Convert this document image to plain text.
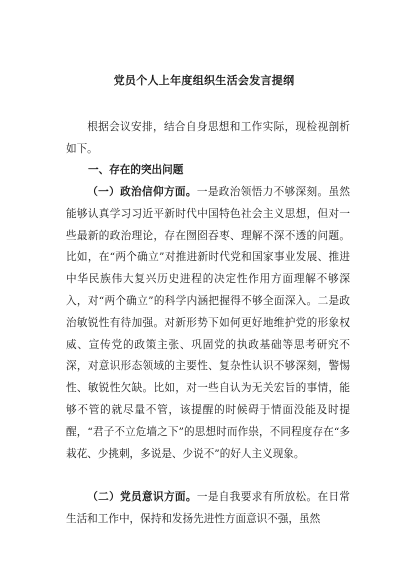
党员个人上年度组织生活会发言提纲

根据会议安排，结合自身思想和工作实际，现检视剖析如下。

一、存在的突出问题

（一）政治信仰方面。一是政治领悟力不够深刻。虽然能够认真学习习近平新时代中国特色社会主义思想，但对一些最新的政治理论，存在囫囵吞枣、理解不深不透的问题。比如，在“两个确立”对推进新时代党和国家事业发展、推进中华民族伟大复兴历史进程的决定性作用方面理解不够深入，对“两个确立”的科学内涵把握得不够全面深入。二是政治敏锐性有待加强。对新形势下如何更好地维护党的形象权威、宣传党的政策主张、巩固党的执政基础等思考研究不深，对意识形态领域的主要性、复杂性认识不够深刻，警惕性、敏锐性欠缺。比如，对一些自认为无关宏旨的事情，能够不管的就尽量不管，该提醒的时候碍于情面没能及时提醒，“君子不立危墙之下”的思想时而作祟，不同程度存在“多栽花、少挑刺，多说是、少说不”的好人主义现象。

（二）党员意识方面。一是自我要求有所放松。在日常生活和工作中，保持和发扬先进性方面意识不强，虽然
